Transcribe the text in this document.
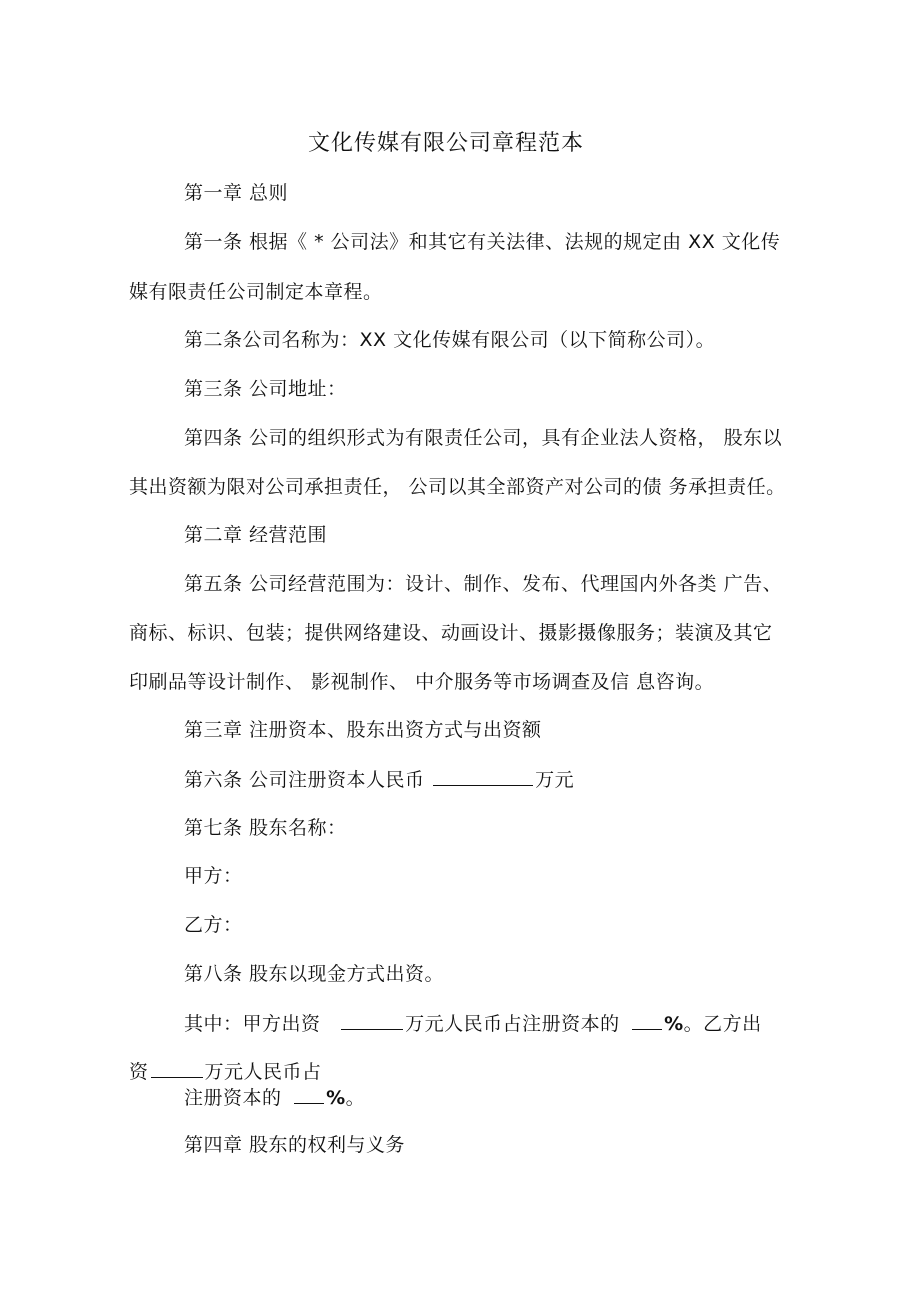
文化传媒有限公司章程范本
第一章 总则
第一条 根据《 * 公司法》和其它有关法律、法规的规定由 XX 文化传
媒有限责任公司制定本章程。
第二条公司名称为：XX 文化传媒有限公司（以下简称公司）。
第三条 公司地址：
第四条 公司的组织形式为有限责任公司，具有企业法人资格， 股东以
其出资额为限对公司承担责任， 公司以其全部资产对公司的债 务承担责任。
第二章 经营范围
第五条 公司经营范围为：设计、制作、发布、代理国内外各类 广告、
商标、标识、包装；提供网络建设、动画设计、摄影摄像服务；装演及其它
印刷品等设计制作、 影视制作、 中介服务等市场调查及信 息咨询。
第三章 注册资本、股东出资方式与出资额
第六条 公司注册资本人民币	万元
第七条 股东名称：
甲方：
乙方：
第八条 股东以现金方式出资。
其中：甲方出资	万元人民币占注册资本的 %。乙方出
资	万元人民币占
注册资本的 %。
第四章 股东的权利与义务
